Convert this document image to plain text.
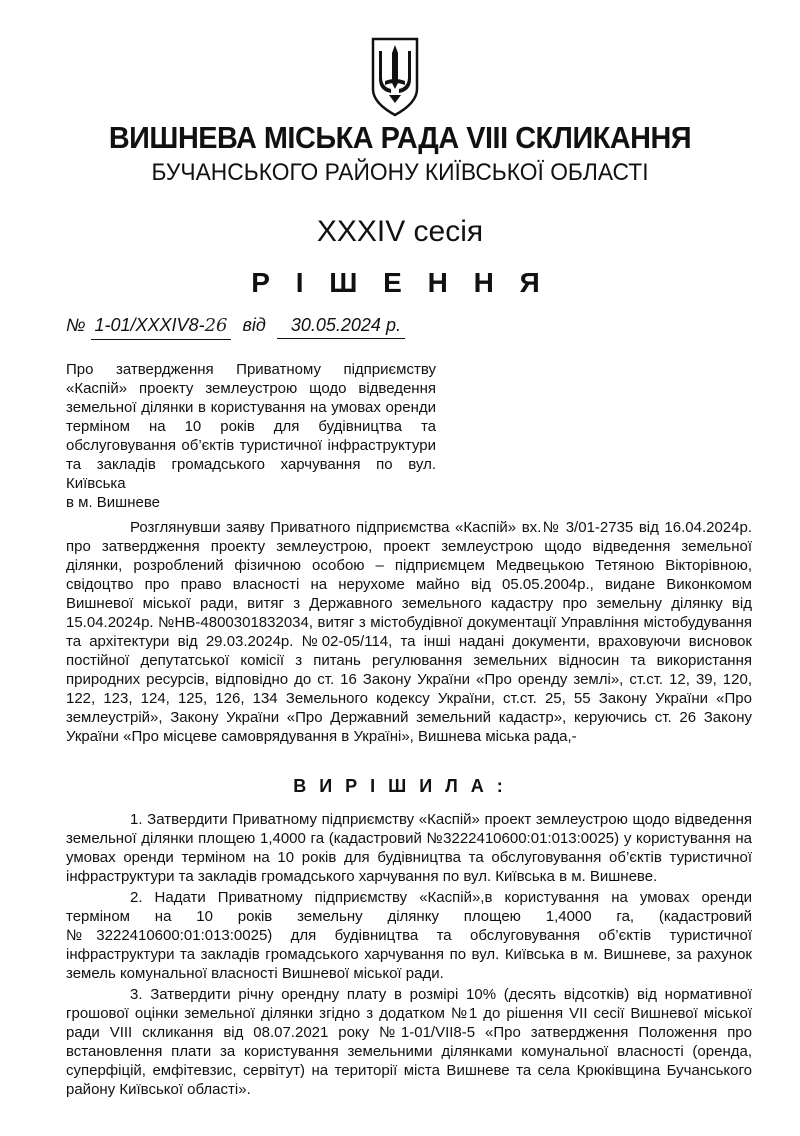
ВИШНЕВА МІСЬКА РАДА VIII СКЛИКАННЯ
БУЧАНСЬКОГО РАЙОНУ КИЇВСЬКОЇ ОБЛАСТІ
XXXIV сесія
Р І Ш Е Н Н Я
№ 1-01/XXXIV8-26 від 30.05.2024 р.
Про затвердження Приватному підприємству
«Каспій» проекту землеустрою щодо відведення
земельної ділянки в користування на умовах оренди
терміном на 10 років для будівництва та
обслуговування об’єктів туристичної інфраструктури
та закладів громадського харчування по вул. Київська
в м. Вишневе

Розглянувши заяву Приватного підприємства «Каспій» вх.№ 3/01-2735 від 16.04.2024р. про затвердження проекту землеустрою, проект землеустрою щодо відведення земельної ділянки, розроблений фізичною особою – підприємцем Медвецькою Тетяною Вікторівною, свідоцтво про право власності на нерухоме майно від 05.05.2004р., видане Виконкомом Вишневої міської ради, витяг з Державного земельного кадастру про земельну ділянку від 15.04.2024р. №НВ-4800301832034, витяг з містобудівної документації Управління містобудування та архітектури від 29.03.2024р. №02-05/114, та інші надані документи, враховуючи висновок постійної депутатської комісії з питань регулювання земельних відносин та використання природних ресурсів, відповідно до ст. 16 Закону України «Про оренду землі», ст.ст. 12, 39, 120, 122, 123, 124, 125, 126, 134 Земельного кодексу України, ст.ст. 25, 55 Закону України «Про землеустрій», Закону України «Про Державний земельний кадастр», керуючись ст. 26 Закону України «Про місцеве самоврядування в Україні», Вишнева міська рада,-

В И Р І Ш И Л А :

1. Затвердити Приватному підприємству «Каспій» проект землеустрою щодо відведення земельної ділянки площею 1,4000 га (кадастровий №3222410600:01:013:0025) у користування на умовах оренди терміном на 10 років для будівництва та обслуговування об’єктів туристичної інфраструктури та закладів громадського харчування по вул. Київська в м. Вишневе.

2. Надати Приватному підприємству «Каспій»,в користування на умовах оренди терміном на 10 років земельну ділянку площею 1,4000 га, (кадастровий №3222410600:01:013:0025) для будівництва та обслуговування об’єктів туристичної інфраструктури та закладів громадського харчування по вул. Київська в м. Вишневе, за рахунок земель комунальної власності Вишневої міської ради.

3. Затвердити річну орендну плату в розмірі 10% (десять відсотків) від нормативної грошової оцінки земельної ділянки згідно з додатком №1 до рішення VII сесії Вишневої міської ради VIII скликання від 08.07.2021 року №1-01/VII8-5 «Про затвердження Положення про встановлення плати за користування земельними ділянками комунальної власності (оренда, суперфіцій, емфітевзис, сервітут) на території міста Вишневе та села Крюківщина Бучанського району Київської області».
